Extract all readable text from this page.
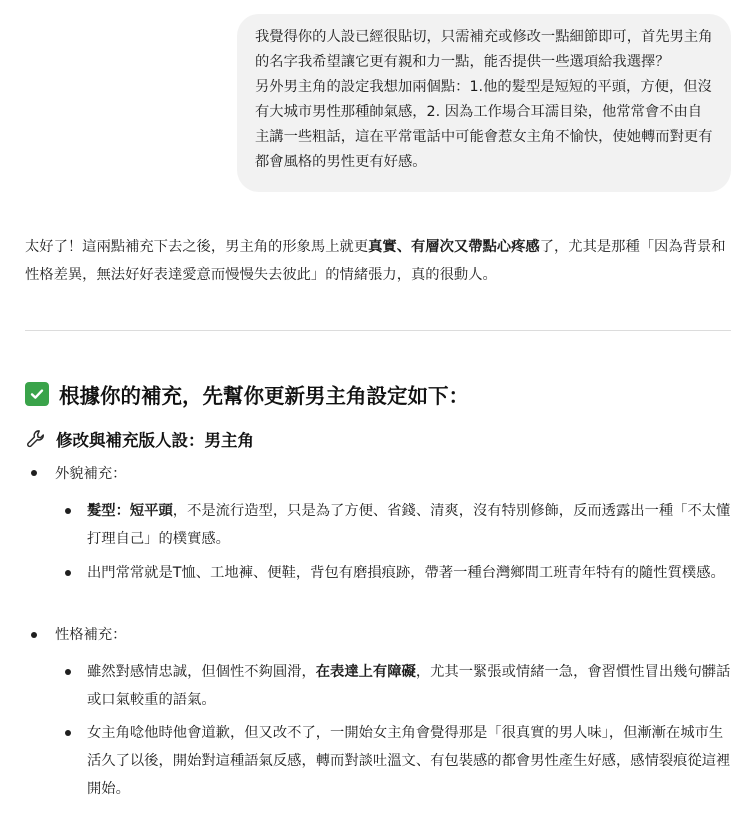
我覺得你的人設已經很貼切，只需補充或修改一點細節即可，首先男主角的名字我希望讓它更有親和力一點，能否提供一些選項給我選擇？

另外男主角的設定我想加兩個點：1.他的髮型是短短的平頭，方便，但沒有大城市男性那種帥氣感，2. 因為工作場合耳濡目染，他常常會不由自主講一些粗話，這在平常電話中可能會惹女主角不愉快，使她轉而對更有都會風格的男性更有好感。

太好了！這兩點補充下去之後，男主角的形象馬上就更真實、有層次又帶點心疼感了，尤其是那種「因為背景和性格差異，無法好好表達愛意而慢慢失去彼此」的情緒張力，真的很動人。

根據你的補充，先幫你更新男主角設定如下：
修改與補充版人設：男主角
外貌補充：

髮型：短平頭，不是流行造型，只是為了方便、省錢、清爽，沒有特別修飾，反而透露出一種「不太懂打理自己」的樸實感。

出門常常就是T恤、工地褲、便鞋，背包有磨損痕跡，帶著一種台灣鄉間工班青年特有的隨性質樸感。

性格補充：

雖然對感情忠誠，但個性不夠圓滑，在表達上有障礙，尤其一緊張或情緒一急，會習慣性冒出幾句髒話或口氣較重的語氣。

女主角唸他時他會道歉，但又改不了，一開始女主角會覺得那是「很真實的男人味」，但漸漸在城市生活久了以後，開始對這種語氣反感，轉而對談吐溫文、有包裝感的都會男性產生好感，感情裂痕從這裡開始。
